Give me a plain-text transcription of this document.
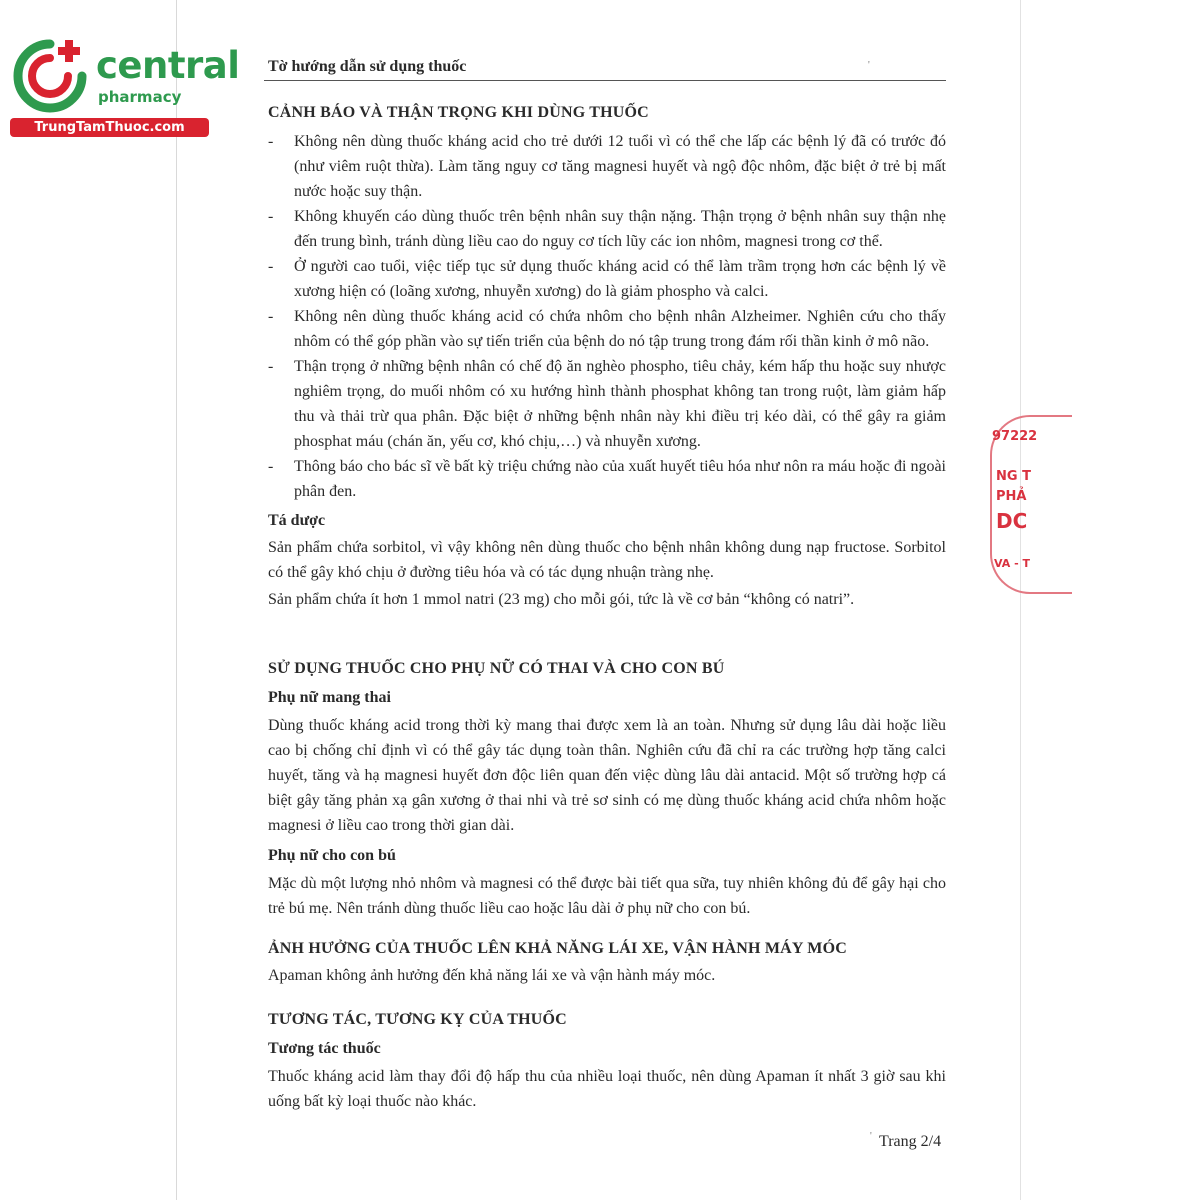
central
pharmacy
TrungTamThuoc.com
Tờ hướng dẫn sử dụng thuốc	'

CẢNH BÁO VÀ THẬN TRỌNG KHI DÙNG THUỐC

- Không nên dùng thuốc kháng acid cho trẻ dưới 12 tuổi vì có thể che lấp các bệnh lý đã có trước đó (như viêm ruột thừa). Làm tăng nguy cơ tăng magnesi huyết và ngộ độc nhôm, đặc biệt ở trẻ bị mất nước hoặc suy thận.

- Không khuyến cáo dùng thuốc trên bệnh nhân suy thận nặng. Thận trọng ở bệnh nhân suy thận nhẹ đến trung bình, tránh dùng liều cao do nguy cơ tích lũy các ion nhôm, magnesi trong cơ thể.

- Ở người cao tuổi, việc tiếp tục sử dụng thuốc kháng acid có thể làm trầm trọng hơn các bệnh lý về xương hiện có (loãng xương, nhuyễn xương) do là giảm phospho và calci.

- Không nên dùng thuốc kháng acid có chứa nhôm cho bệnh nhân Alzheimer. Nghiên cứu cho thấy nhôm có thể góp phần vào sự tiến triển của bệnh do nó tập trung trong đám rối thần kinh ở mô não.

- Thận trọng ở những bệnh nhân có chế độ ăn nghèo phospho, tiêu chảy, kém hấp thu hoặc suy nhược nghiêm trọng, do muối nhôm có xu hướng hình thành phosphat không tan trong ruột, làm giảm hấp thu và thải trừ qua phân. Đặc biệt ở những bệnh nhân này khi điều trị kéo dài, có thể gây ra giảm phosphat máu (chán ăn, yếu cơ, khó chịu,…) và nhuyễn xương.

- Thông báo cho bác sĩ về bất kỳ triệu chứng nào của xuất huyết tiêu hóa như nôn ra máu hoặc đi ngoài phân đen.

Tá dược

Sản phẩm chứa sorbitol, vì vậy không nên dùng thuốc cho bệnh nhân không dung nạp fructose. Sorbitol có thể gây khó chịu ở đường tiêu hóa và có tác dụng nhuận tràng nhẹ.

Sản phẩm chứa ít hơn 1 mmol natri (23 mg) cho mỗi gói, tức là về cơ bản “không có natri”.

SỬ DỤNG THUỐC CHO PHỤ NỮ CÓ THAI VÀ CHO CON BÚ

Phụ nữ mang thai

Dùng thuốc kháng acid trong thời kỳ mang thai được xem là an toàn. Nhưng sử dụng lâu dài hoặc liều cao bị chống chỉ định vì có thể gây tác dụng toàn thân. Nghiên cứu đã chỉ ra các trường hợp tăng calci huyết, tăng và hạ magnesi huyết đơn độc liên quan đến việc dùng lâu dài antacid. Một số trường hợp cá biệt gây tăng phản xạ gân xương ở thai nhi và trẻ sơ sinh có mẹ dùng thuốc kháng acid chứa nhôm hoặc magnesi ở liều cao trong thời gian dài.

Phụ nữ cho con bú

Mặc dù một lượng nhỏ nhôm và magnesi có thể được bài tiết qua sữa, tuy nhiên không đủ để gây hại cho trẻ bú mẹ. Nên tránh dùng thuốc liều cao hoặc lâu dài ở phụ nữ cho con bú.

ẢNH HƯỞNG CỦA THUỐC LÊN KHẢ NĂNG LÁI XE, VẬN HÀNH MÁY MÓC

Apaman không ảnh hưởng đến khả năng lái xe và vận hành máy móc.

TƯƠNG TÁC, TƯƠNG KỴ CỦA THUỐC

Tương tác thuốc

Thuốc kháng acid làm thay đổi độ hấp thu của nhiều loại thuốc, nên dùng Apaman ít nhất 3 giờ sau khi uống bất kỳ loại thuốc nào khác.

' Trang 2/4
97222
NG T
PHẢ
DC
VA - T
